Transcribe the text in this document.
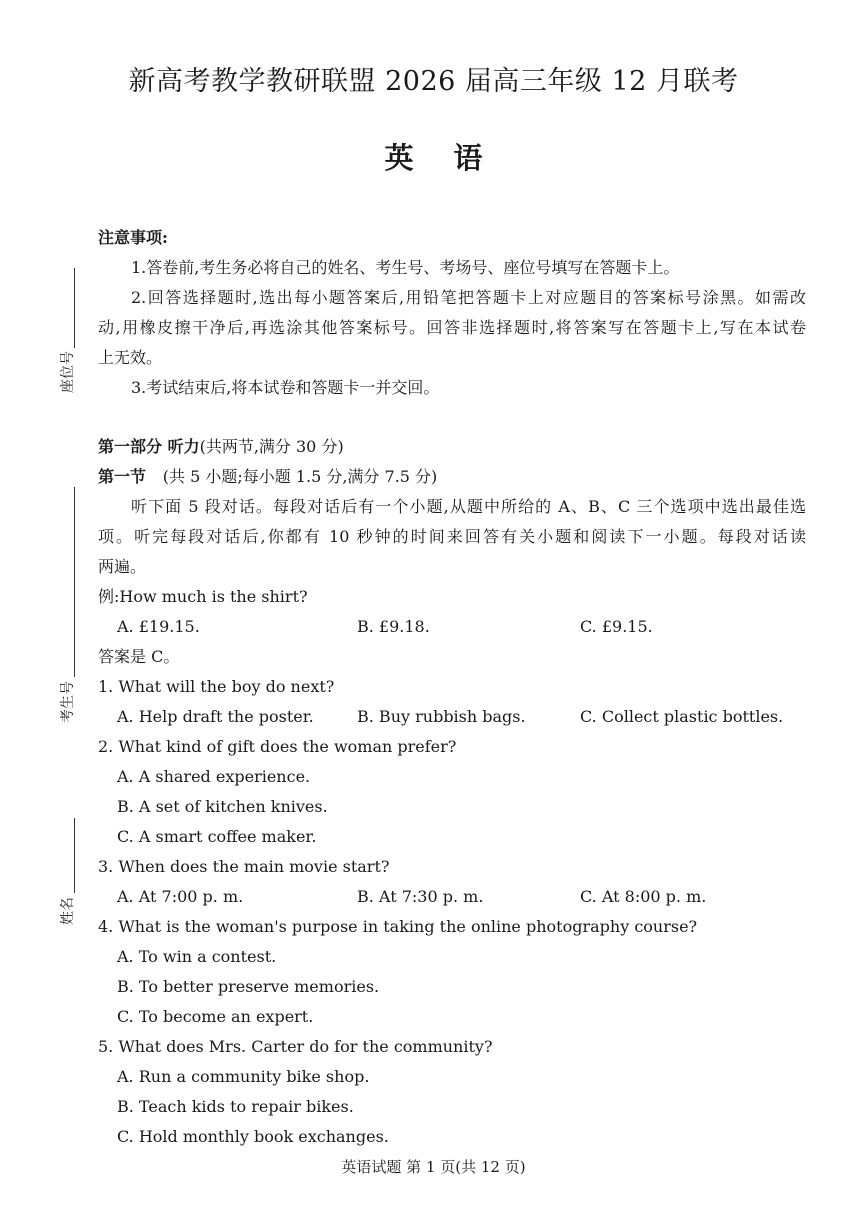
座位号
考生号
姓名
新高考教学教研联盟 2026 届高三年级 12 月联考
英语
注意事项:
1.答卷前,考生务必将自己的姓名、考生号、考场号、座位号填写在答题卡上。
2.回答选择题时,选出每小题答案后,用铅笔把答题卡上对应题目的答案标号涂黑。如需改
动,用橡皮擦干净后,再选涂其他答案标号。回答非选择题时,将答案写在答题卡上,写在本试卷
上无效。
3.考试结束后,将本试卷和答题卡一并交回。
第一部分 听力(共两节,满分 30 分)
第一节 (共 5 小题;每小题 1.5 分,满分 7.5 分)
听下面 5 段对话。每段对话后有一个小题,从题中所给的 A、B、C 三个选项中选出最佳选
项。听完每段对话后,你都有 10 秒钟的时间来回答有关小题和阅读下一小题。每段对话读
两遍。
例:How much is the shirt?
A. £19.15.	B. £9.18.	C. £9.15.
答案是 C。
1. What will the boy do next?
A. Help draft the poster.	B. Buy rubbish bags.	C. Collect plastic bottles.
2. What kind of gift does the woman prefer?
A. A shared experience.
B. A set of kitchen knives.
C. A smart coffee maker.
3. When does the main movie start?
A. At 7:00 p. m.	B. At 7:30 p. m.	C. At 8:00 p. m.
4. What is the woman's purpose in taking the online photography course?
A. To win a contest.
B. To better preserve memories.
C. To become an expert.
5. What does Mrs. Carter do for the community?
A. Run a community bike shop.
B. Teach kids to repair bikes.
C. Hold monthly book exchanges.
英语试题 第 1 页(共 12 页)
